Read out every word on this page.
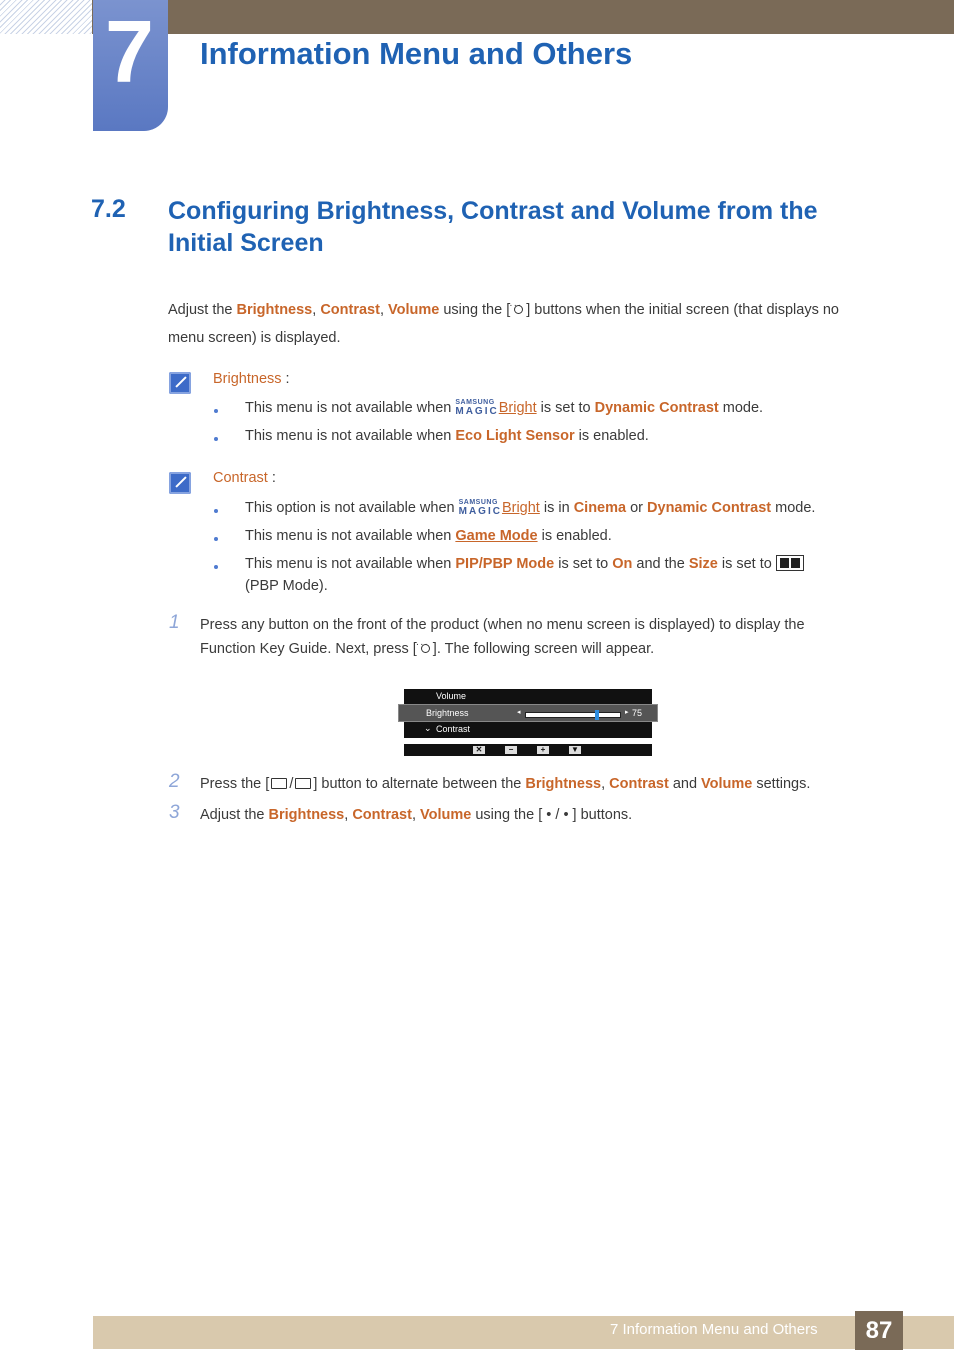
7 Information Menu and Others
7.2 Configuring Brightness, Contrast and Volume from the Initial Screen
Adjust the Brightness, Contrast, Volume using the [ ··· ] buttons when the initial screen (that displays no
menu screen) is displayed.
Brightness :
This menu is not available when SAMSUNG
MAGIC Bright is set to Dynamic Contrast mode.
This menu is not available when Eco Light Sensor is enabled.
Contrast :
This option is not available when SAMSUNG
MAGIC Bright is in Cinema or Dynamic Contrast mode.
This menu is not available when Game Mode is enabled.
This menu is not available when PIP/PBP Mode is set to On and the Size is set to
(PBP Mode).
1 Press any button on the front of the product (when no menu screen is displayed) to display the
Function Key Guide. Next, press [ ··· ]. The following screen will appear.
Volume
Brightness	◂	▸ 75
⌄ Contrast
✕	−	+	▼
2 Press the [ / ] button to alternate between the Brightness, Contrast and Volume settings.
3 Adjust the Brightness, Contrast, Volume using the [ • / • ] buttons.
7 Information Menu and Others	87
